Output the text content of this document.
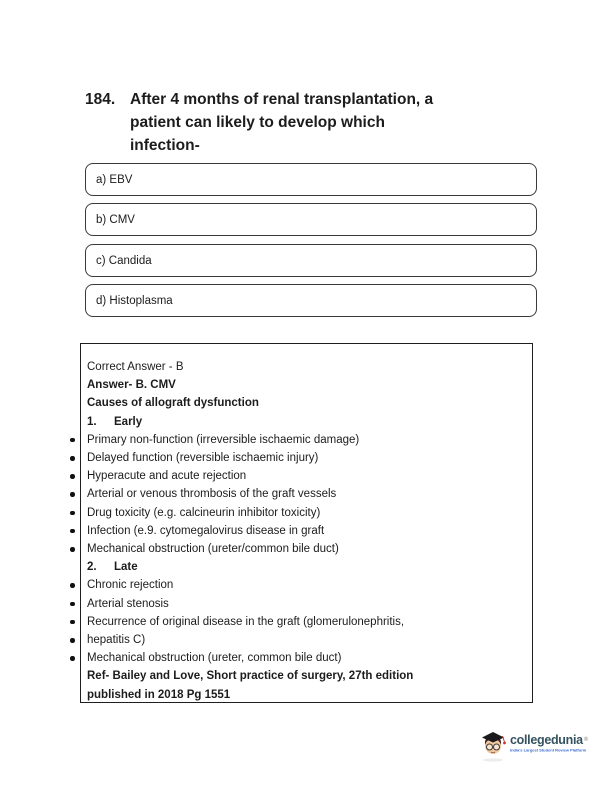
184. After 4 months of renal transplantation, a
patient can likely to develop which
infection-
a) EBV
b) CMV
c) Candida
d) Histoplasma
Correct Answer - B
Answer- B. CMV
Causes of allograft dysfunction
1. Early
Primary non-function (irreversible ischaemic damage)
Delayed function (reversible ischaemic injury)
Hyperacute and acute rejection
Arterial or venous thrombosis of the graft vessels
Drug toxicity (e.g. calcineurin inhibitor toxicity)
Infection (e.9. cytomegalovirus disease in graft
Mechanical obstruction (ureter/common bile duct)
2. Late
Chronic rejection
Arterial stenosis
Recurrence of original disease in the graft (glomerulonephritis,
hepatitis C)
Mechanical obstruction (ureter, common bile duct)
Ref- Bailey and Love, Short practice of surgery, 27th edition
published in 2018 Pg 1551
collegedunia®
India's Largest Student Review Platform
